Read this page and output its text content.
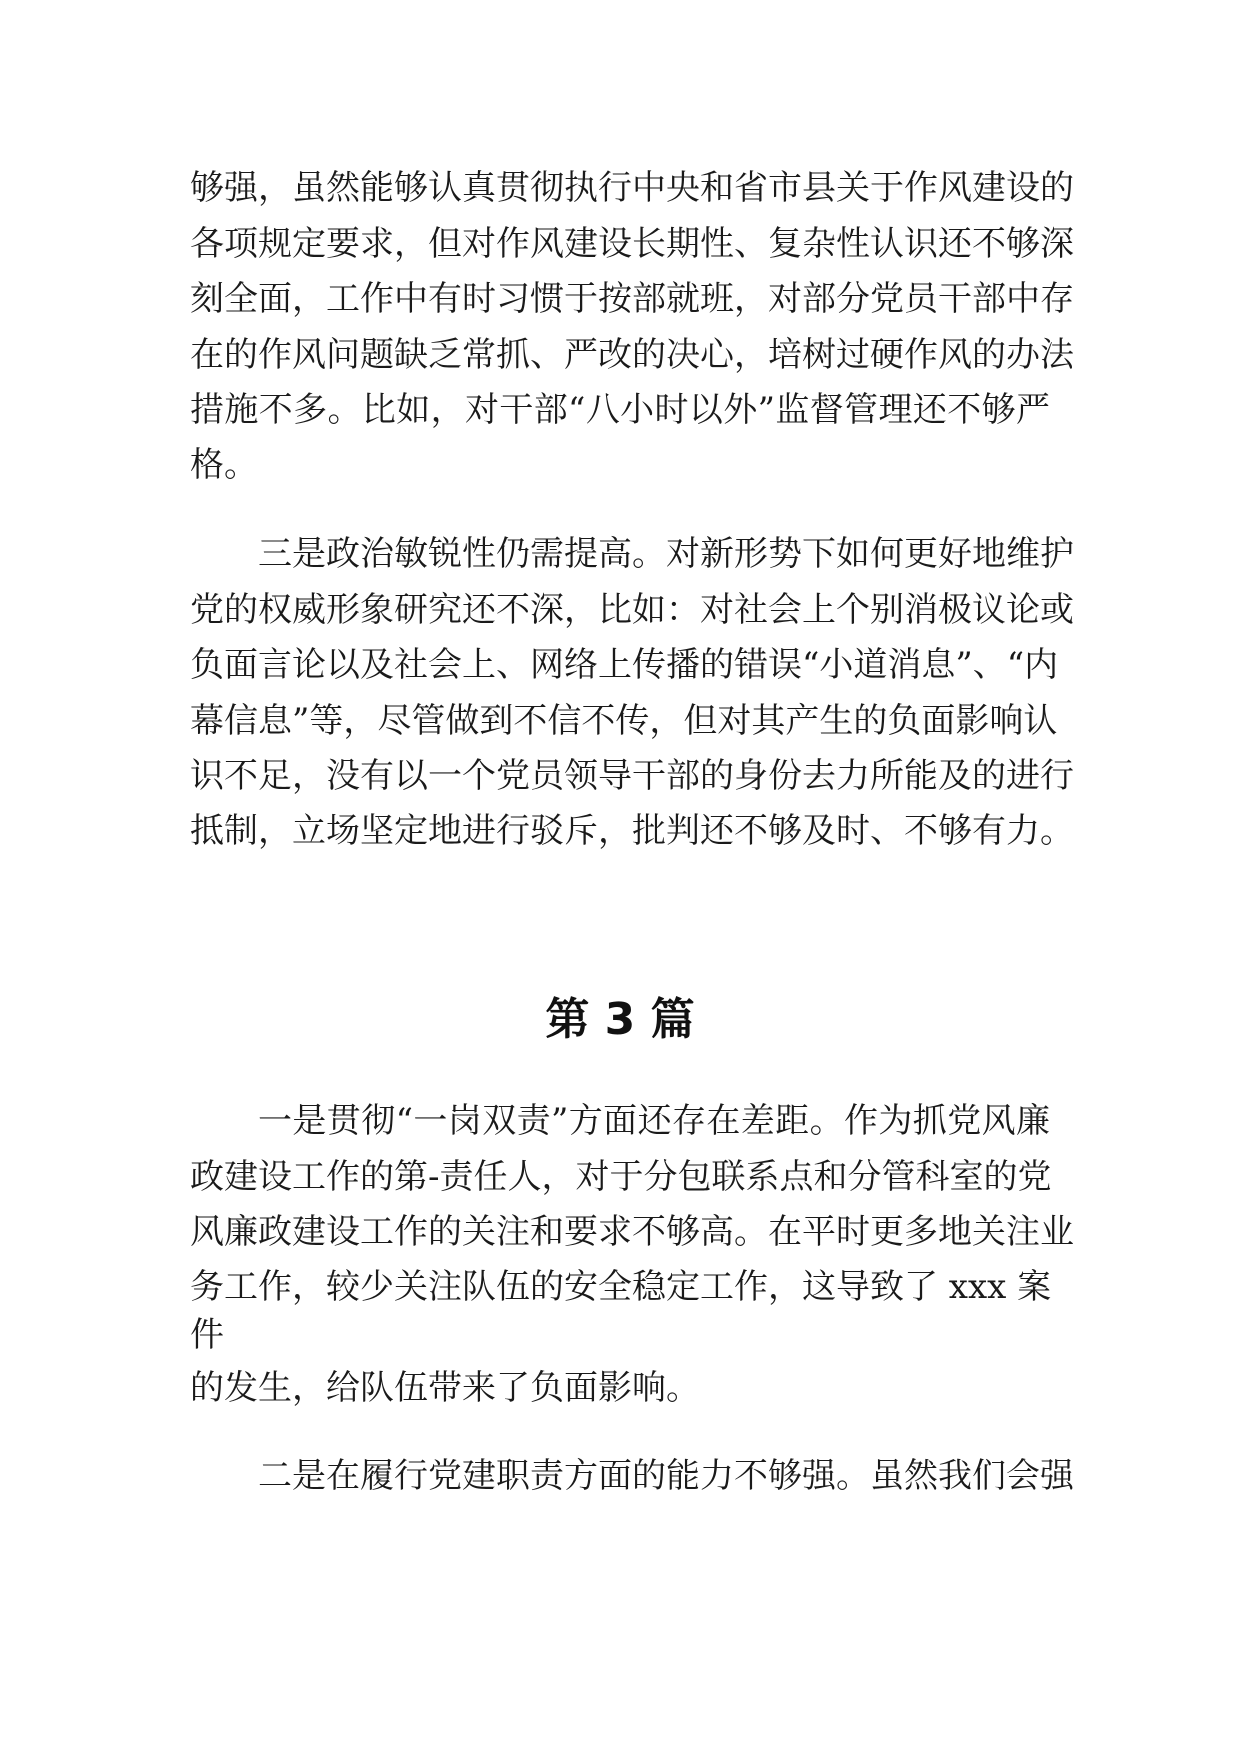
够强，虽然能够认真贯彻执行中央和省市县关于作风建设的
各项规定要求，但对作风建设长期性、复杂性认识还不够深
刻全面，工作中有时习惯于按部就班，对部分党员干部中存
在的作风问题缺乏常抓、严改的决心，培树过硬作风的办法
措施不多。比如，对干部“八小时以外”监督管理还不够严
格。
三是政治敏锐性仍需提高。对新形势下如何更好地维护
党的权威形象研究还不深，比如：对社会上个别消极议论或
负面言论以及社会上、网络上传播的错误“小道消息”、“内
幕信息”等，尽管做到不信不传，但对其产生的负面影响认
识不足，没有以一个党员领导干部的身份去力所能及的进行
抵制，立场坚定地进行驳斥，批判还不够及时、不够有力。
第 3 篇
一是贯彻“一岗双责”方面还存在差距。作为抓党风廉
政建设工作的第-责任人，对于分包联系点和分管科室的党
风廉政建设工作的关注和要求不够高。在平时更多地关注业
务工作，较少关注队伍的安全稳定工作，这导致了 xxx 案
件
的发生，给队伍带来了负面影响。
二是在履行党建职责方面的能力不够强。虽然我们会强
